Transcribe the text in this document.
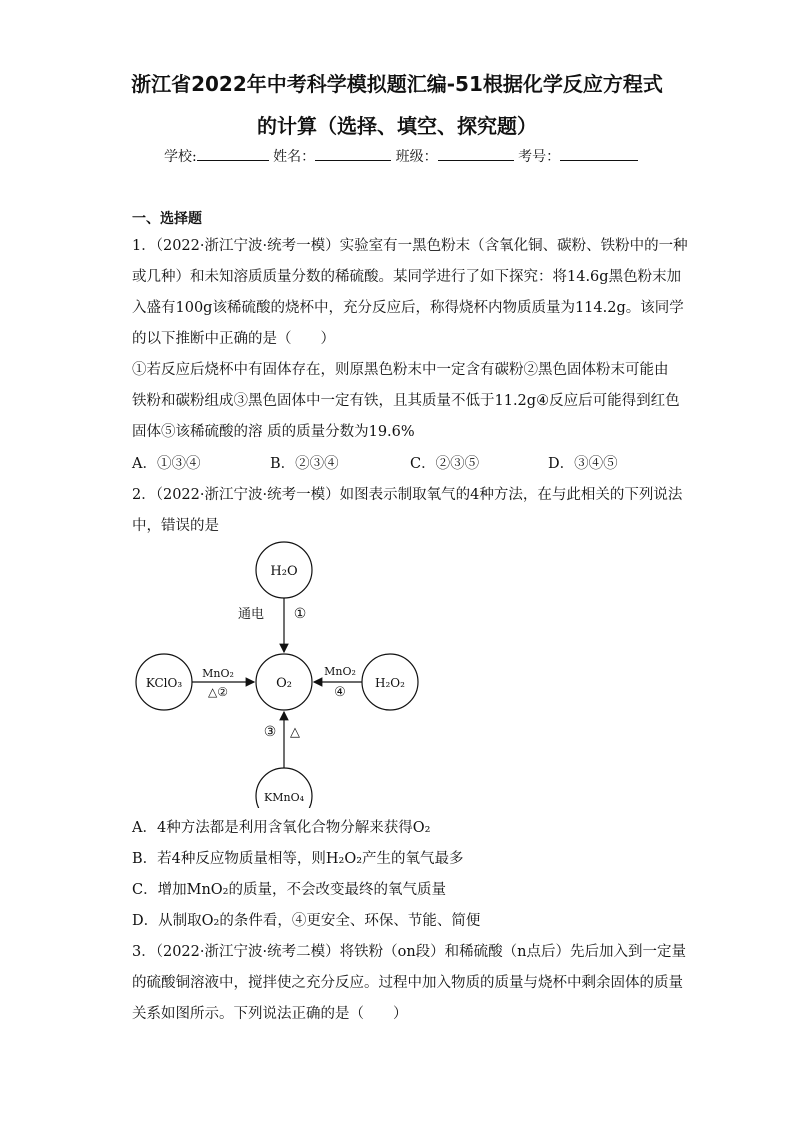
浙江省2022年中考科学模拟题汇编-51根据化学反应方程式
的计算（选择、填空、探究题）
学校:	姓名：	班级：	考号：
一、选择题
1．（2022·浙江宁波·统考一模）实验室有一黑色粉末（含氧化铜、碳粉、铁粉中的一种
或几种）和未知溶质质量分数的稀硫酸。某同学进行了如下探究：将14.6g黑色粉末加
入盛有100g该稀硫酸的烧杯中，充分反应后，称得烧杯内物质质量为114.2g。该同学
的以下推断中正确的是（　　）
①若反应后烧杯中有固体存在，则原黑色粉末中一定含有碳粉②黑色固体粉末可能由
铁粉和碳粉组成③黑色固体中一定有铁，且其质量不低于11.2g④反应后可能得到红色
固体⑤该稀硫酸的溶 质的质量分数为19.6%
A．①③④	B．②③④	C．②③⑤	D．③④⑤
2．（2022·浙江宁波·统考一模）如图表示制取氧气的4种方法，在与此相关的下列说法
中，错误的是
H₂O
O₂
KClO₃	H₂O₂
KMnO₄
通电 ①
MnO₂
△②
MnO₂
④
③ △
A．4种方法都是利用含氧化合物分解来获得O₂
B．若4种反应物质量相等，则H₂O₂产生的氧气最多
C．增加MnO₂的质量，不会改变最终的氧气质量
D．从制取O₂的条件看，④更安全、环保、节能、简便
3．（2022·浙江宁波·统考二模）将铁粉（on段）和稀硫酸（n点后）先后加入到一定量
的硫酸铜溶液中，搅拌使之充分反应。过程中加入物质的质量与烧杯中剩余固体的质量
关系如图所示。下列说法正确的是（　　）
